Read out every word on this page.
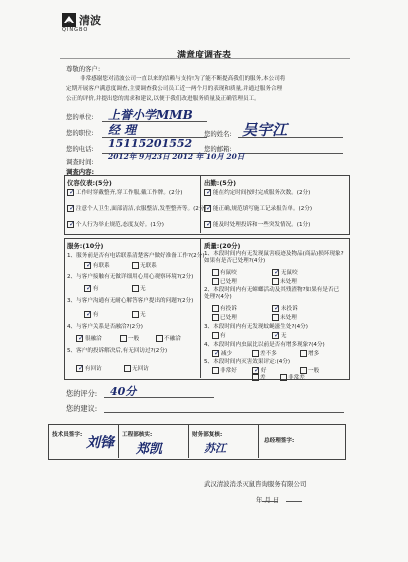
清波
QINGBO
满意度调查表
尊敬的客户:
非常感谢您对清波公司一直以来的信赖与支持!为了能不断提高我们的服务,本公司将
定期开展客户满意度调查,主要调查我公司员工近一两个月的表现和质量,并通过服务合理
公正的评价,并提出您的需求和建议,以便于我们改进服务质量及正确管理员工。
您的单位: 上誉小学MMB
您的职位: 经 理	您的姓名: 吴宇江
您的电话: 15115201552 您的邮箱:
调查时间:
2012年 9月23日 2012 年 10月 20日
调查内容:
仪容仪表:(5分)
✓工作时穿戴整齐,穿工作服,戴工作牌。(2分)
✓注意个人卫生,面部清洁,衣服整洁,发型整齐等。(2分)
✓个人行为举止规范,态度友好。(1分)
出勤:(5分)
✓能在约定时间按时完成服务次数。(2分)
✓能正确,规范填写施工记录报告单。(2分)
✓能及时处理投诉和一些突发情况。(1分)
服务:(10分)
1、服务前是否有电话联系清楚客户做好准备工作?(2分)
✓有联系	无联系
2、与客户接触有无做详细用心用心观察环境?(2分)
✓有	无
3、与客户沟通有无耐心解答客户提出的问题?(2分)
✓有	无
4、与客户关系是否融洽?(2分)
✓很融洽	一般	不融洽
5、客户的投诉解决后,有无回访过?(2分)
✓有回访	无回访
质量:(20分)
1、本段时间内有无发现鼠害痕迹及物品(商品)损坏现象?如果有是否已处理?(4分)
有鼠咬	✓无鼠咬
已处理	未处理
2、本段时间内有无蟑螂活动及其残渣物?如果有是否已处理?(4分)
有投诉	✓未投诉
已处理	未处理
3、本段时间内有无发现蚊蝇滋生处?(4分)
有	✓无
4、本段时间内虫鼠比以前是否有增多现象?(4分)
✓减少	差不多	增多
5、本段时间内灭害效果评定:(4分)
非常好 ✓好	一般
差	非常差
您的评分: 40分
您的建议:
技术员签字: 刘锋 工程部核实:
郑凯
财务部复核:
苏江
总经理签字:
武汉清波消杀灭鼠咨询服务有限公司
年 月 日
